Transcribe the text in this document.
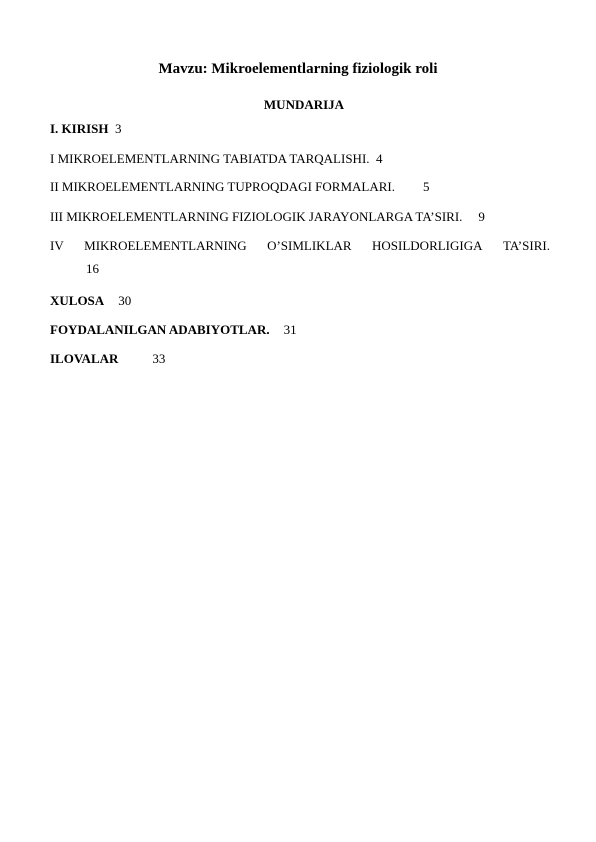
Mavzu: Mikroelementlarning fiziologik roli
MUNDARIJA
I. KIRISH 3
I MIKROELEMENTLARNING TABIATDA TARQALISHI. 4
II MIKROELEMENTLARNING TUPROQDAGI FORMALARI. 5
III MIKROELEMENTLARNING FIZIOLOGIK JARAYONLARGA TA’SIRI. 9
IV MIKROELEMENTLARNING O’SIMLIKLAR HOSILDORLIGIGA TA’SIRI.
16
XULOSA 30
FOYDALANILGAN ADABIYOTLAR. 31
ILOVALAR	33
